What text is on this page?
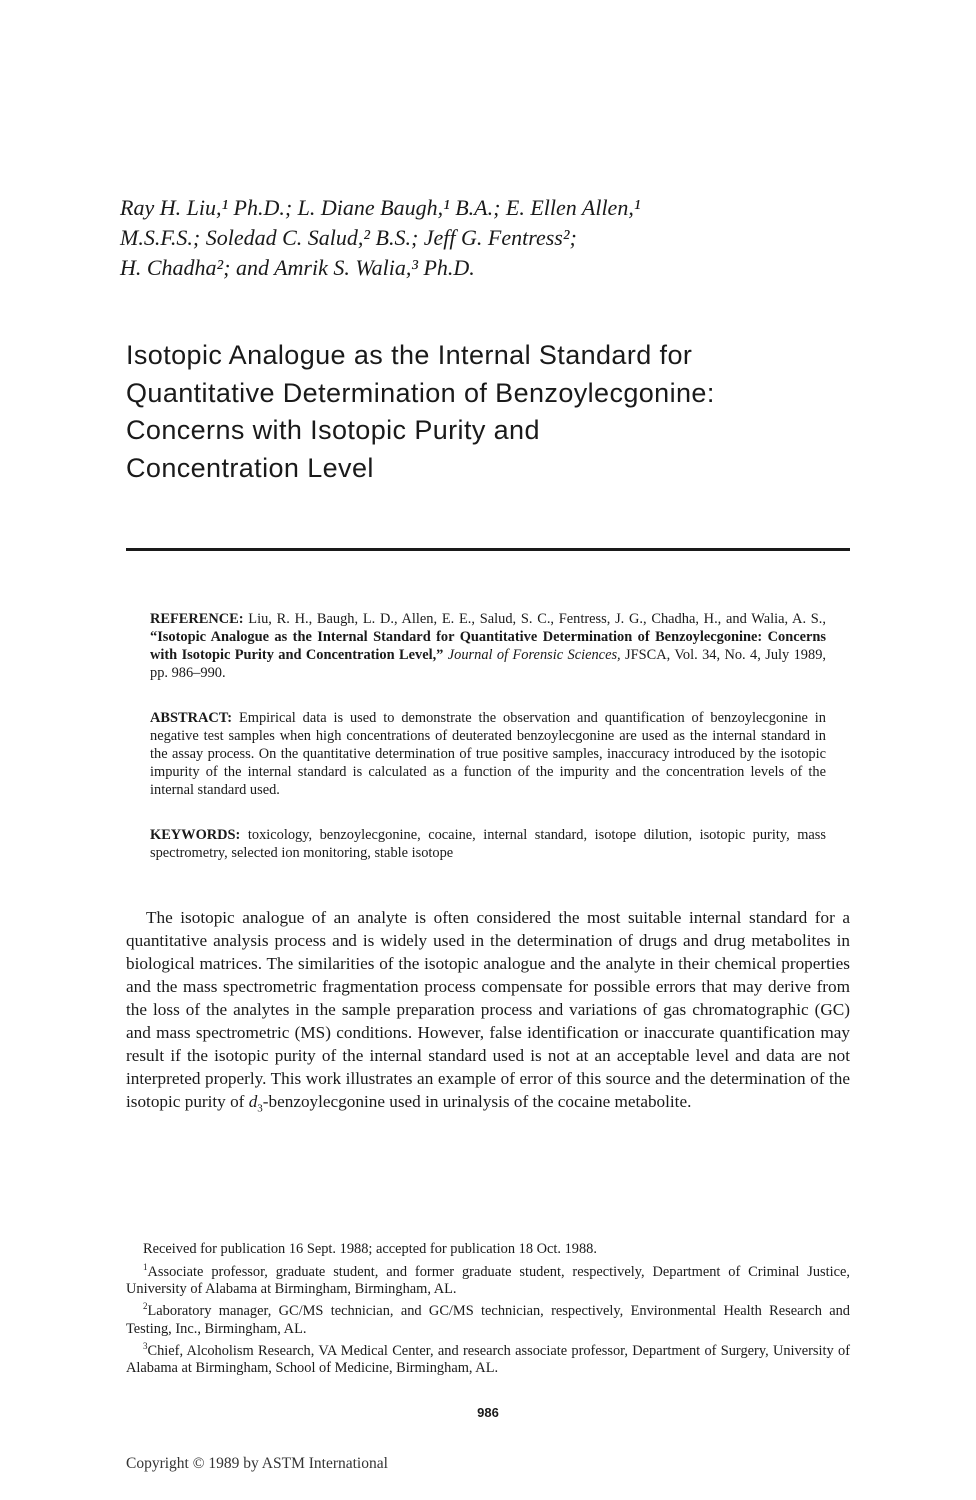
Ray H. Liu,¹ Ph.D.; L. Diane Baugh,¹ B.A.; E. Ellen Allen,¹
M.S.F.S.; Soledad C. Salud,² B.S.; Jeff G. Fentress²;
H. Chadha²; and Amrik S. Walia,³ Ph.D.
Isotopic Analogue as the Internal Standard for
Quantitative Determination of Benzoylecgonine:
Concerns with Isotopic Purity and
Concentration Level

REFERENCE: Liu, R. H., Baugh, L. D., Allen, E. E., Salud, S. C., Fentress, J. G., Chadha, H., and Walia, A. S., “Isotopic Analogue as the Internal Standard for Quantitative Determination of Benzoylecgonine: Concerns with Isotopic Purity and Concentration Level,” Journal of Forensic Sciences, JFSCA, Vol. 34, No. 4, July 1989, pp. 986–990.

ABSTRACT: Empirical data is used to demonstrate the observation and quantification of benzoylecgonine in negative test samples when high concentrations of deuterated benzoylecgonine are used as the internal standard in the assay process. On the quantitative determination of true positive samples, inaccuracy introduced by the isotopic impurity of the internal standard is calculated as a function of the impurity and the concentration levels of the internal standard used.

KEYWORDS: toxicology, benzoylecgonine, cocaine, internal standard, isotope dilution, isotopic purity, mass spectrometry, selected ion monitoring, stable isotope

The isotopic analogue of an analyte is often considered the most suitable internal standard for a quantitative analysis process and is widely used in the determination of drugs and drug metabolites in biological matrices. The similarities of the isotopic analogue and the analyte in their chemical properties and the mass spectrometric fragmentation process compensate for possible errors that may derive from the loss of the analytes in the sample preparation process and variations of gas chromatographic (GC) and mass spectrometric (MS) conditions. However, false identification or inaccurate quantification may result if the isotopic purity of the internal standard used is not at an acceptable level and data are not interpreted properly. This work illustrates an example of error of this source and the determination of the isotopic purity of $d_3$-benzoylecgonine used in urinalysis of the cocaine metabolite.

Received for publication 16 Sept. 1988; accepted for publication 18 Oct. 1988.

$^1$Associate professor, graduate student, and former graduate student, respectively, Department of Criminal Justice, University of Alabama at Birmingham, Birmingham, AL.

$^2$Laboratory manager, GC/MS technician, and GC/MS technician, respectively, Environmental Health Research and Testing, Inc., Birmingham, AL.

$^3$Chief, Alcoholism Research, VA Medical Center, and research associate professor, Department of Surgery, University of Alabama at Birmingham, School of Medicine, Birmingham, AL.

986
Copyright © 1989 by ASTM International
